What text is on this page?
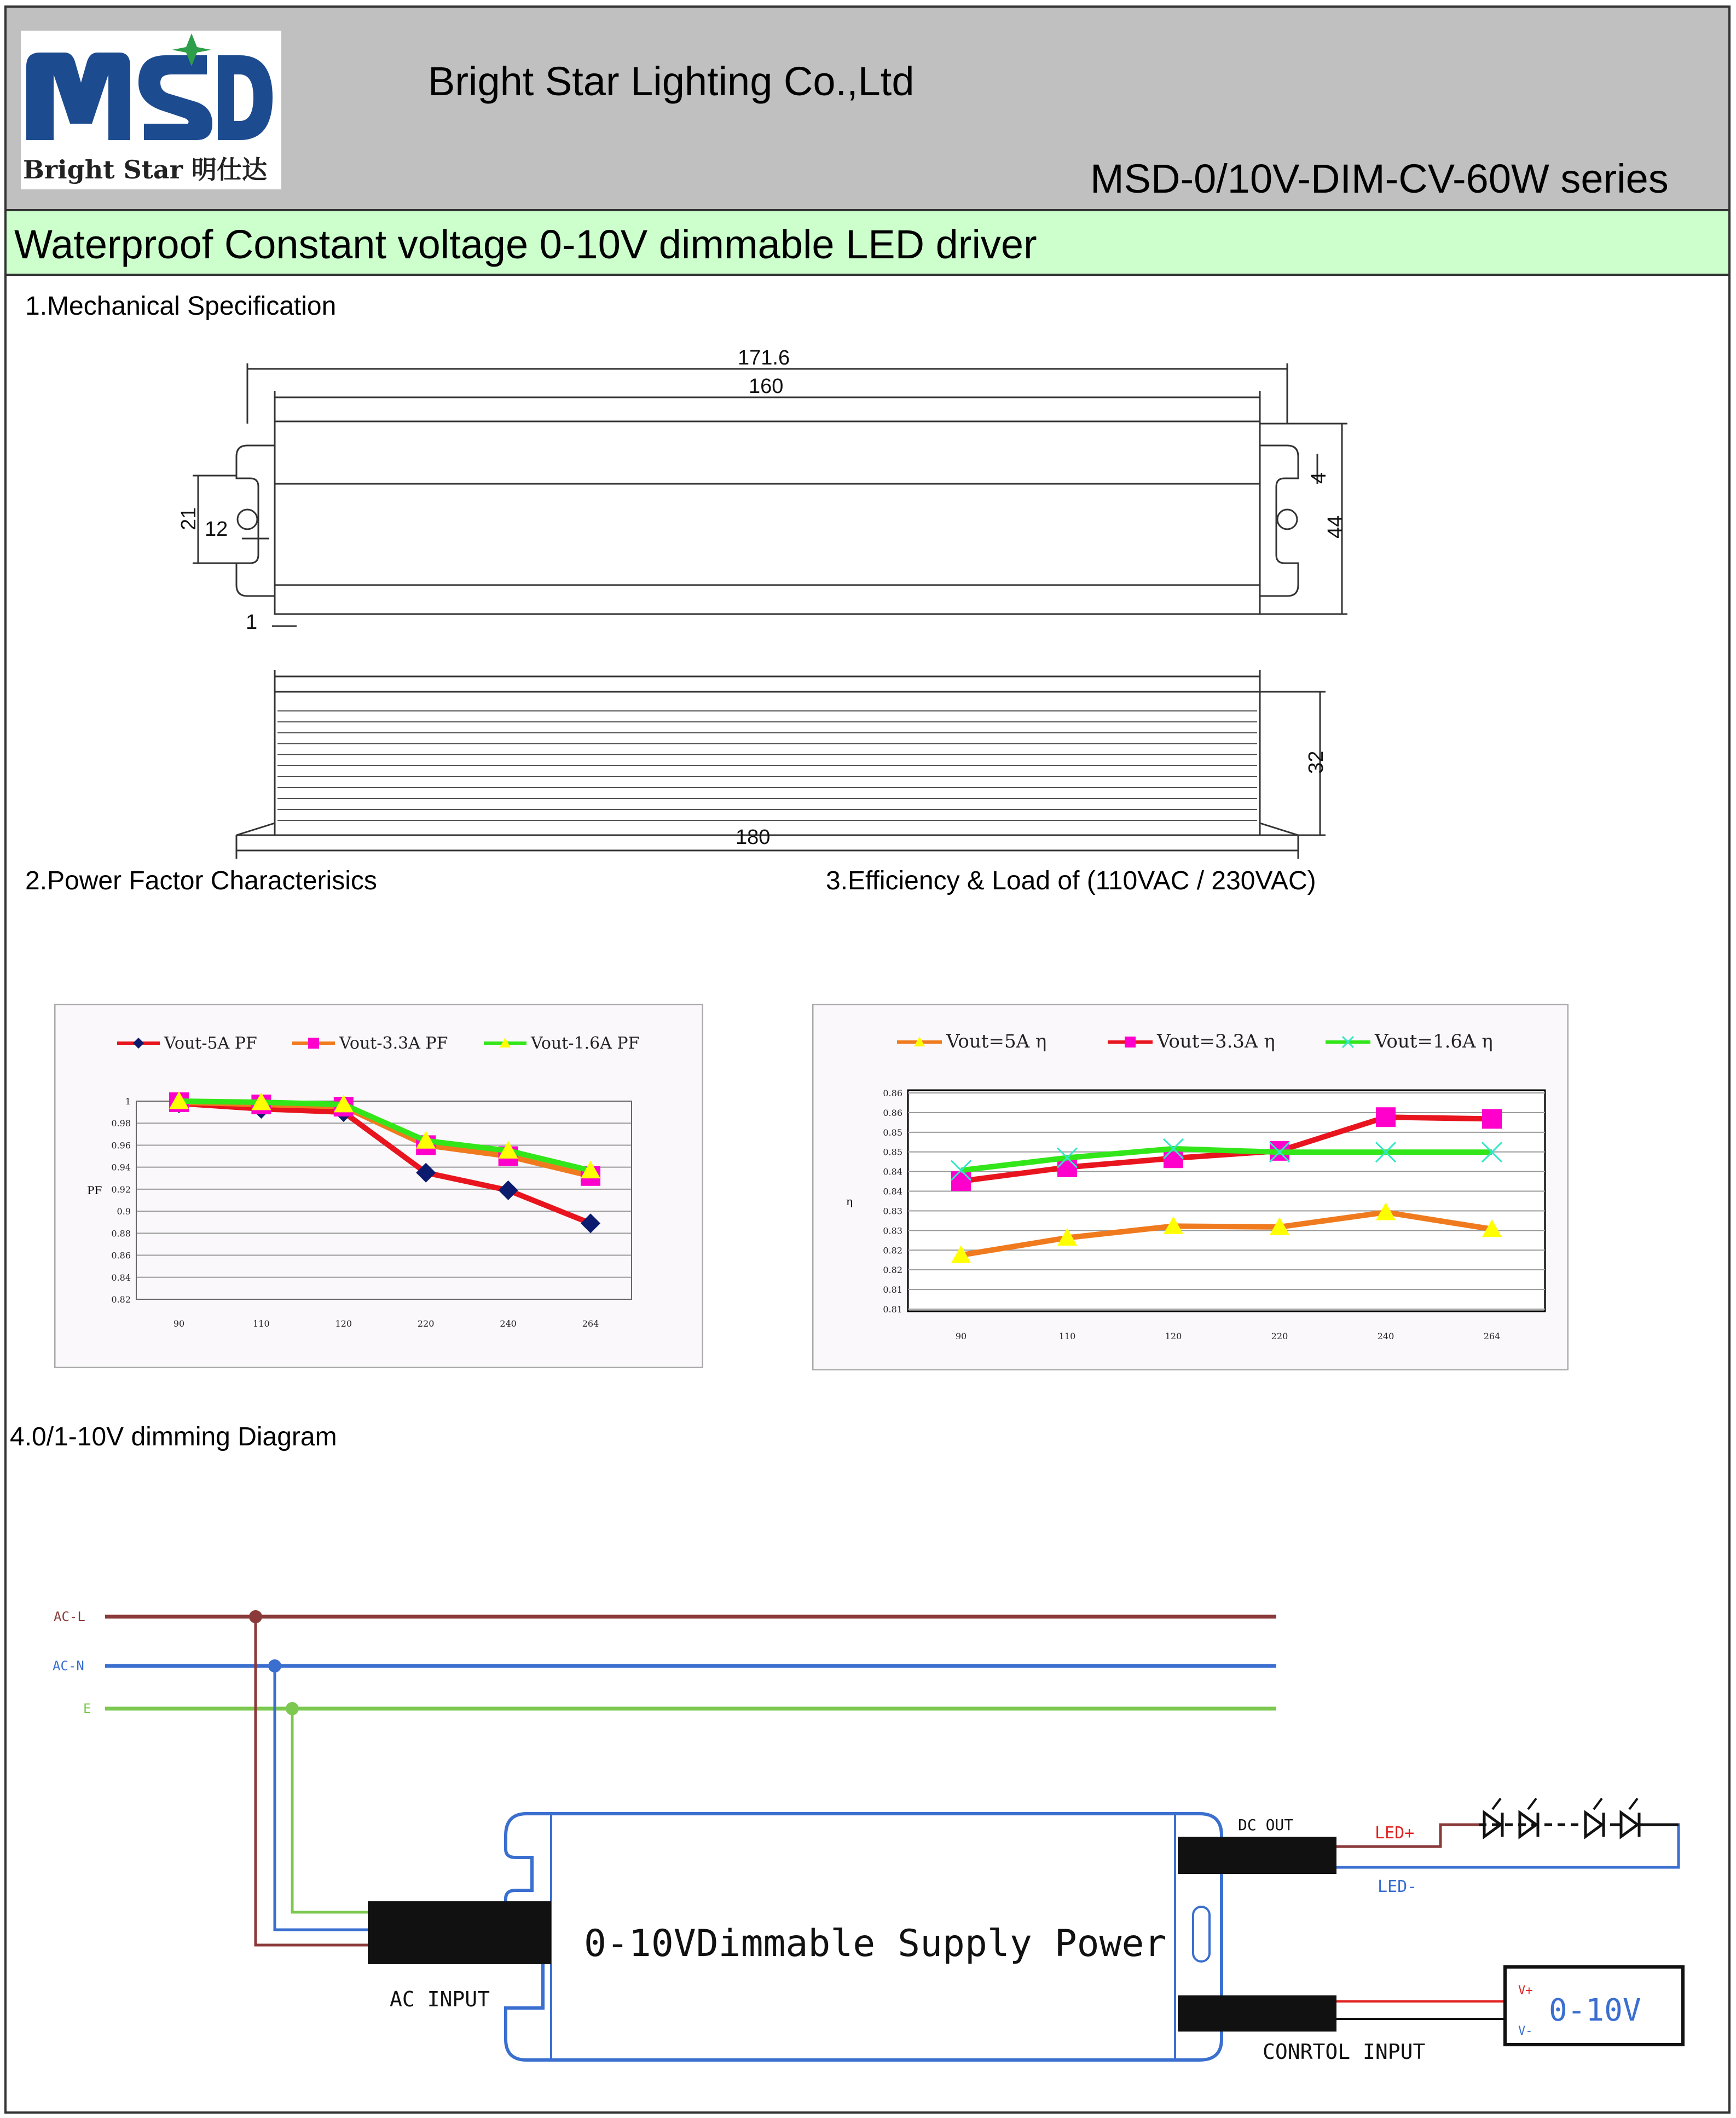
Bright Star 明仕达
Bright Star Lighting Co.,Ltd
MSD-0/10V-DIM-CV-60W series
Waterproof Constant voltage 0-10V dimmable LED driver
1.Mechanical Specification
171.6
160
180
44
4
21 12
1
32
2.Power Factor Characterisics	3.Efficiency & Load of (110VAC / 230VAC)
Vout-5A PF	Vout-3.3A PF	Vout-1.6A PF
1
0.98
0.96
0.94
0.92
0.9
0.88
0.86
0.84
0.82
90	110	120	220	240	264
PF
Vout=5A η	Vout=3.3A η	Vout=1.6A η
0.86
0.86
0.85
0.85
0.84
0.84
0.83
0.83
0.82
0.82
0.81
0.81
90	110	120	220	240	264
η
4.0/1-10V dimming Diagram
AC-L
AC-N
E
0-10VDimmable Supply Power
AC INPUT
DC OUT
CONRTOL INPUT
LED+
LED-
V+
V-
0-10V
